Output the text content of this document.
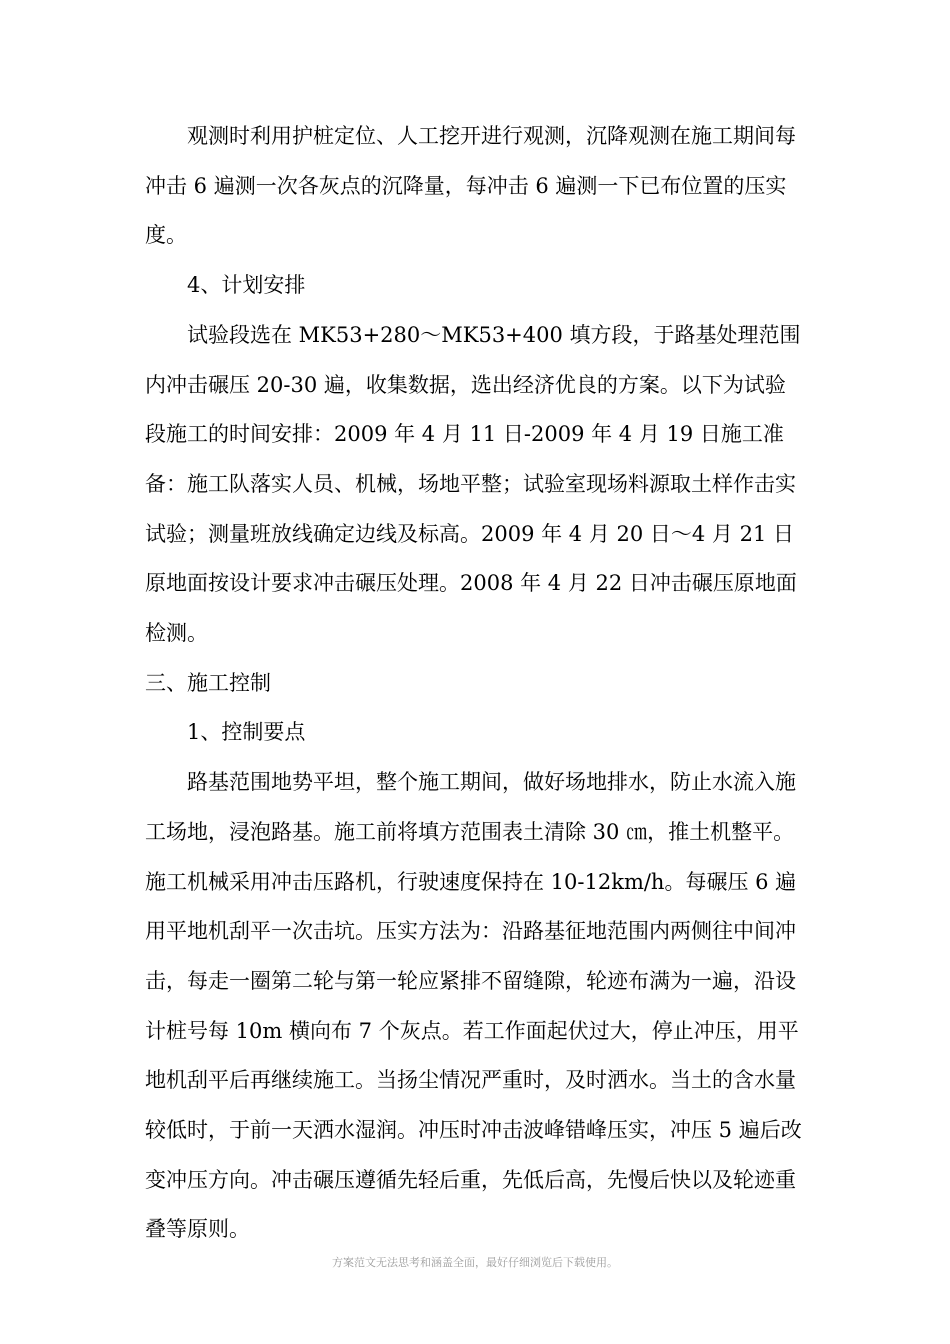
观测时利用护桩定位、人工挖开进行观测，沉降观测在施工期间每冲击 6 遍测一次各灰点的沉降量，每冲击 6 遍测一下已布位置的压实度。

4、计划安排

试验段选在 MK53+280～MK53+400 填方段，于路基处理范围内冲击碾压 20-30 遍，收集数据，选出经济优良的方案。以下为试验段施工的时间安排：2009 年 4 月 11 日-2009 年 4 月 19 日施工准备：施工队落实人员、机械，场地平整；试验室现场料源取土样作击实试验；测量班放线确定边线及标高。2009 年 4 月 20 日～4 月 21 日原地面按设计要求冲击碾压处理。2008 年 4 月 22 日冲击碾压原地面检测。

三、施工控制

1、控制要点

路基范围地势平坦，整个施工期间，做好场地排水，防止水流入施工场地，浸泡路基。施工前将填方范围表土清除 30 ㎝，推土机整平。施工机械采用冲击压路机，行驶速度保持在 10-12km/h。每碾压 6 遍用平地机刮平一次击坑。压实方法为：沿路基征地范围内两侧往中间冲击，每走一圈第二轮与第一轮应紧排不留缝隙，轮迹布满为一遍，沿设计桩号每 10m 横向布 7 个灰点。若工作面起伏过大，停止冲压，用平地机刮平后再继续施工。当扬尘情况严重时，及时洒水。当土的含水量较低时，于前一天洒水湿润。冲压时冲击波峰错峰压实，冲压 5 遍后改变冲压方向。冲击碾压遵循先轻后重，先低后高，先慢后快以及轮迹重叠等原则。

方案范文无法思考和涵盖全面，最好仔细浏览后下载使用。
